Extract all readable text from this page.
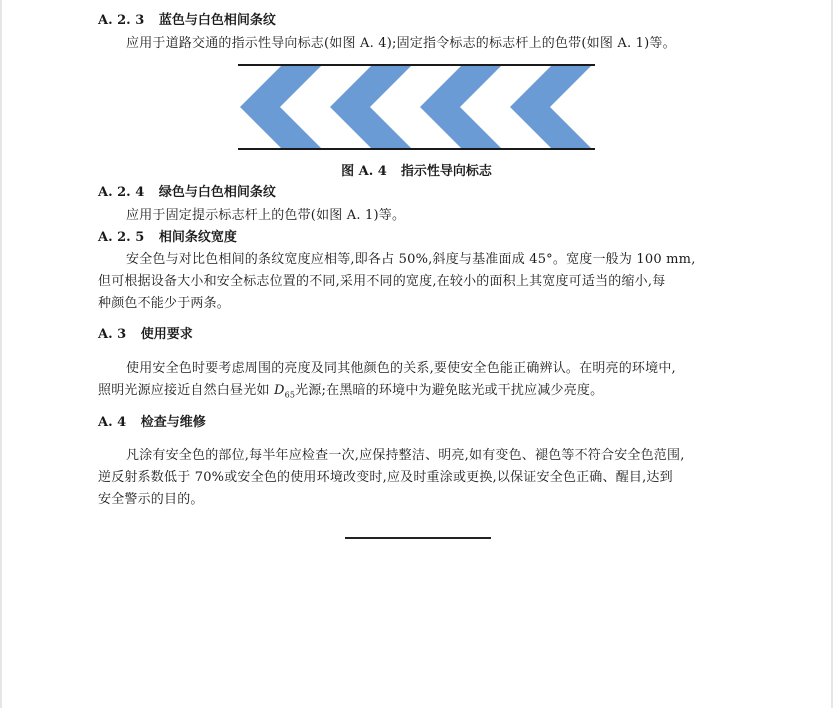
A. 2. 3 蓝色与白色相间条纹
应用于道路交通的指示性导向标志(如图 A. 4);固定指令标志的标志杆上的色带(如图 A. 1)等。
图 A. 4 指示性导向标志
A. 2. 4 绿色与白色相间条纹
应用于固定提示标志杆上的色带(如图 A. 1)等。
A. 2. 5 相间条纹宽度
安全色与对比色相间的条纹宽度应相等,即各占 50%,斜度与基准面成 45°。宽度一般为 100 mm,
但可根据设备大小和安全标志位置的不同,采用不同的宽度,在较小的面积上其宽度可适当的缩小,每
种颜色不能少于两条。
A. 3 使用要求
使用安全色时要考虑周围的亮度及同其他颜色的关系,要使安全色能正确辨认。在明亮的环境中,
照明光源应接近自然白昼光如 $D_{65}$光源;在黑暗的环境中为避免眩光或干扰应减少亮度。
A. 4 检查与维修
凡涂有安全色的部位,每半年应检查一次,应保持整洁、明亮,如有变色、褪色等不符合安全色范围,
逆反射系数低于 70%或安全色的使用环境改变时,应及时重涂或更换,以保证安全色正确、醒目,达到
安全警示的目的。
